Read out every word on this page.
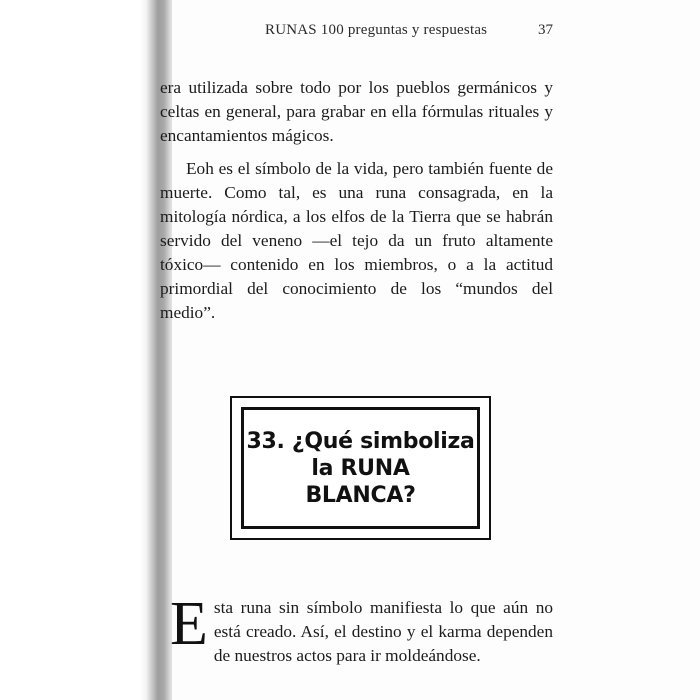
RUNAS 100 preguntas y respuestas	37

era utilizada sobre todo por los pueblos germánicos y celtas en general, para grabar en ella fórmulas rituales y encantamientos mágicos.

Eoh es el símbolo de la vida, pero también fuente de muerte. Como tal, es una runa consagrada, en la mitología nórdica, a los elfos de la Tierra que se habrán servido del veneno —el tejo da un fruto altamente tóxico— contenido en los miembros, o a la actitud primordial del conocimiento de los “mundos del medio”.

33. ¿Qué simboliza
la RUNA
BLANCA?
E sta runa sin símbolo manifiesta lo que aún no está creado. Así, el destino y el karma dependen de nuestros actos para ir moldeándose.
